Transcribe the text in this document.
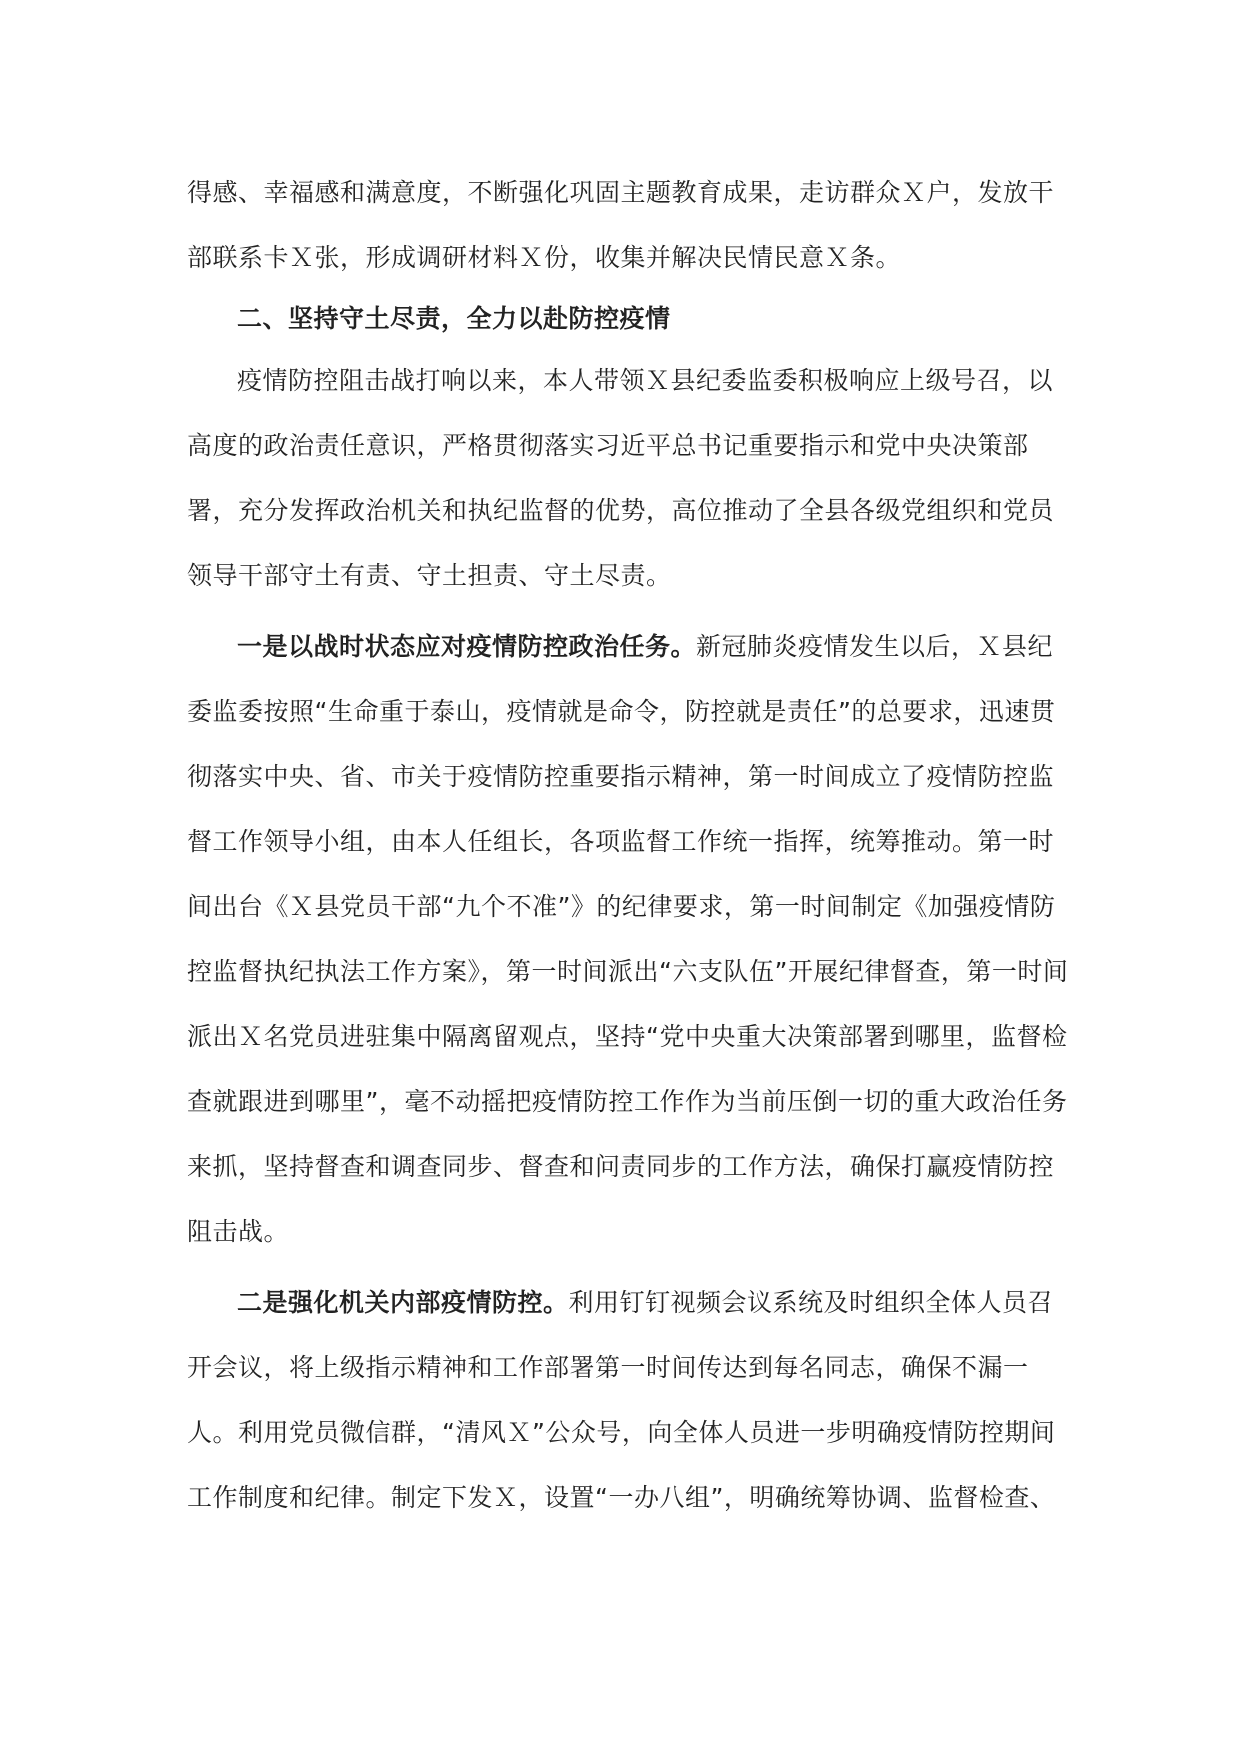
得感、幸福感和满意度，不断强化巩固主题教育成果，走访群众Ｘ户，发放干部联系卡Ｘ张，形成调研材料Ｘ份，收集并解决民情民意Ｘ条。

二、坚持守土尽责，全力以赴防控疫情

疫情防控阻击战打响以来，本人带领Ｘ县纪委监委积极响应上级号召，以高度的政治责任意识，严格贯彻落实习近平总书记重要指示和党中央决策部署，充分发挥政治机关和执纪监督的优势，高位推动了全县各级党组织和党员领导干部守土有责、守土担责、守土尽责。

一是以战时状态应对疫情防控政治任务。新冠肺炎疫情发生以后，Ｘ县纪委监委按照“生命重于泰山，疫情就是命令，防控就是责任”的总要求，迅速贯彻落实中央、省、市关于疫情防控重要指示精神，第一时间成立了疫情防控监督工作领导小组，由本人任组长，各项监督工作统一指挥，统筹推动。第一时间出台《Ｘ县党员干部“九个不准”》的纪律要求，第一时间制定《加强疫情防控监督执纪执法工作方案》，第一时间派出“六支队伍”开展纪律督查，第一时间派出Ｘ名党员进驻集中隔离留观点，坚持“党中央重大决策部署到哪里，监督检查就跟进到哪里”，毫不动摇把疫情防控工作作为当前压倒一切的重大政治任务来抓，坚持督查和调查同步、督查和问责同步的工作方法，确保打赢疫情防控阻击战。

二是强化机关内部疫情防控。利用钉钉视频会议系统及时组织全体人员召开会议，将上级指示精神和工作部署第一时间传达到每名同志，确保不漏一人。利用党员微信群，“清风Ｘ”公众号，向全体人员进一步明确疫情防控期间工作制度和纪律。制定下发Ｘ，设置“一办八组”，明确统筹协调、监督检查、
